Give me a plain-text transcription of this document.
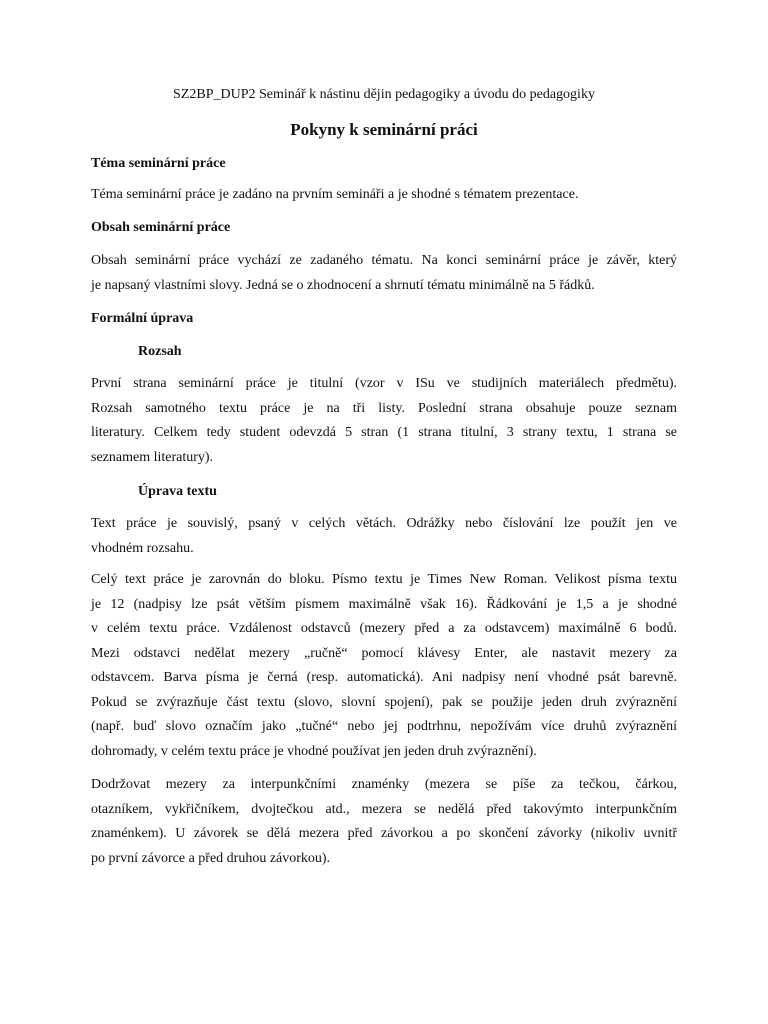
SZ2BP_DUP2 Seminář k nástinu dějin pedagogiky a úvodu do pedagogiky

Pokyny k seminární práci
Téma seminární práce
Téma seminární práce je zadáno na prvním semináři a je shodné s tématem prezentace.
Obsah seminární práce
Obsah seminární práce vychází ze zadaného tématu. Na konci seminární práce je závěr, který
je napsaný vlastními slovy. Jedná se o zhodnocení a shrnutí tématu minimálně na 5 řádků.
Formální úprava
Rozsah
První strana seminární práce je titulní (vzor v ISu ve studijních materiálech předmětu).
Rozsah samotného textu práce je na tři listy. Poslední strana obsahuje pouze seznam
literatury. Celkem tedy student odevzdá 5 stran (1 strana titulní, 3 strany textu, 1 strana se
seznamem literatury).
Úprava textu
Text práce je souvislý, psaný v celých větách. Odrážky nebo číslování lze použít jen ve
vhodném rozsahu.
Celý text práce je zarovnán do bloku. Písmo textu je Times New Roman. Velikost písma textu
je 12 (nadpisy lze psát větším písmem maximálně však 16). Řádkování je 1,5 a je shodné
v celém textu práce. Vzdálenost odstavců (mezery před a za odstavcem) maximálně 6 bodů.
Mezi odstavci nedělat mezery „ručně“ pomocí klávesy Enter, ale nastavit mezery za
odstavcem. Barva písma je černá (resp. automatická). Ani nadpisy není vhodné psát barevně.
Pokud se zvýrazňuje část textu (slovo, slovní spojení), pak se použije jeden druh zvýraznění
(např. buď slovo označím jako „tučné“ nebo jej podtrhnu, nepožívám více druhů zvýraznění
dohromady, v celém textu práce je vhodné používat jen jeden druh zvýraznění).
Dodržovat mezery za interpunkčními znaménky (mezera se píše za tečkou, čárkou,
otazníkem, vykřičníkem, dvojtečkou atd., mezera se nedělá před takovýmto interpunkčním
znaménkem). U závorek se dělá mezera před závorkou a po skončení závorky (nikoliv uvnitř
po první závorce a před druhou závorkou).
